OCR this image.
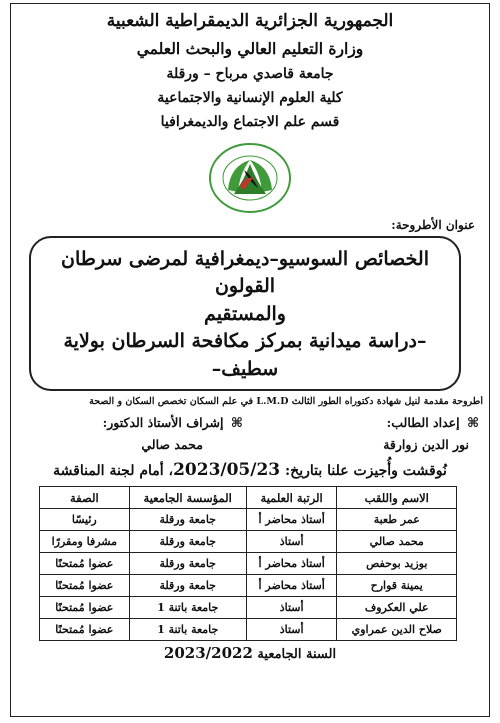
الجمهورية الجزائرية الديمقراطية الشعبية
وزارة التعليم العالي والبحث العلمي
جامعة قاصدي مرباح – ورقلة
كلية العلوم الإنسانية والاجتماعية
قسم علم الاجتماع والديمغرافيا
عنوان الأطروحة:
الخصائص السوسيو–ديمغرافية لمرضى سرطان القولون
والمستقيم
–دراسة ميدانية بمركز مكافحة السرطان بولاية سطيف–
أطروحة مقدمة لنيل شهادة دكتوراه الطور الثالث L.M.D في علم السكان تخصص السكان و الصحة
⌘ إعداد الطالب:
نور الدين زوارقة
⌘ إشراف الأستاذ الدكتور:
محمد صالي
نُوقشت وأُجيزت علنا بتاريخ: 2023/05/23، أمام لجنة المناقشة
الاسم واللقب	الرتبة العلمية	المؤسسة الجامعية	الصفة
عمر طعبة	أستاذ محاضر أ	جامعة ورقلة	رئيسًا
محمد صالي	أستاذ	جامعة ورقلة	مشرفا ومقررًا
بوزيد بوحفص	أستاذ محاضر أ	جامعة ورقلة	عضوا مُمتحنًا
يمينة قوارح	أستاذ محاضر أ	جامعة ورقلة	عضوا مُمتحنًا
علي العكروف	أستاذ	جامعة باتنة 1	عضوا مُمتحنًا
صلاح الدين عمراوي	أستاذ	جامعة باتنة 1	عضوا مُمتحنًا
السنة الجامعية 2023/2022
